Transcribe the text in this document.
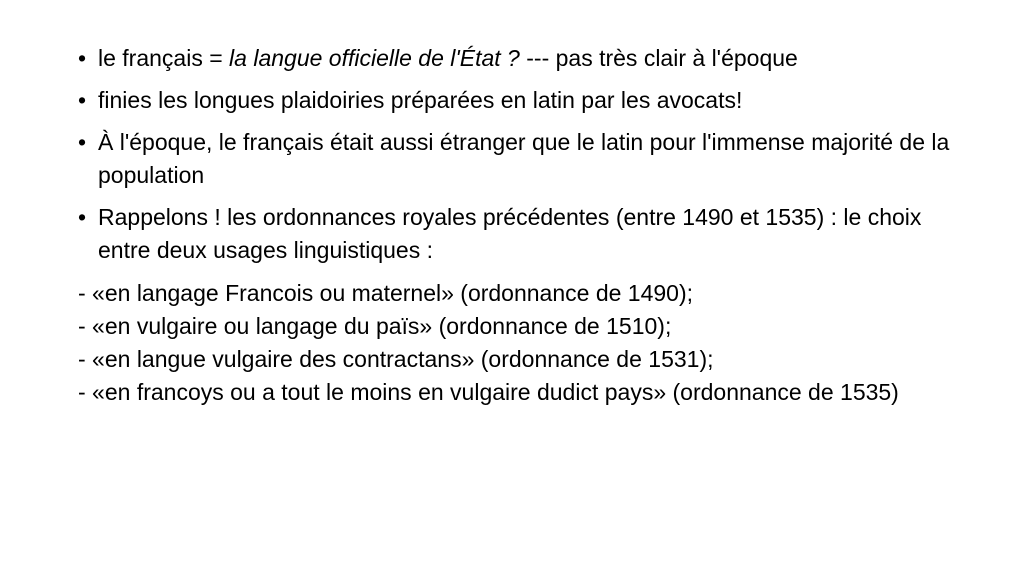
• le français = la langue officielle de l'État ? --- pas très clair à l'époque
• finies les longues plaidoiries préparées en latin par les avocats!
• À l'époque, le français était aussi étranger que le latin pour l'immense majorité de la population
• Rappelons ! les ordonnances royales précédentes (entre 1490 et 1535) : le choix entre deux usages linguistiques :
- «en langage Francois ou maternel» (ordonnance de 1490);
- «en vulgaire ou langage du païs» (ordonnance de 1510);
- «en langue vulgaire des contractans» (ordonnance de 1531);
- «en francoys ou a tout le moins en vulgaire dudict pays» (ordonnance de 1535)
